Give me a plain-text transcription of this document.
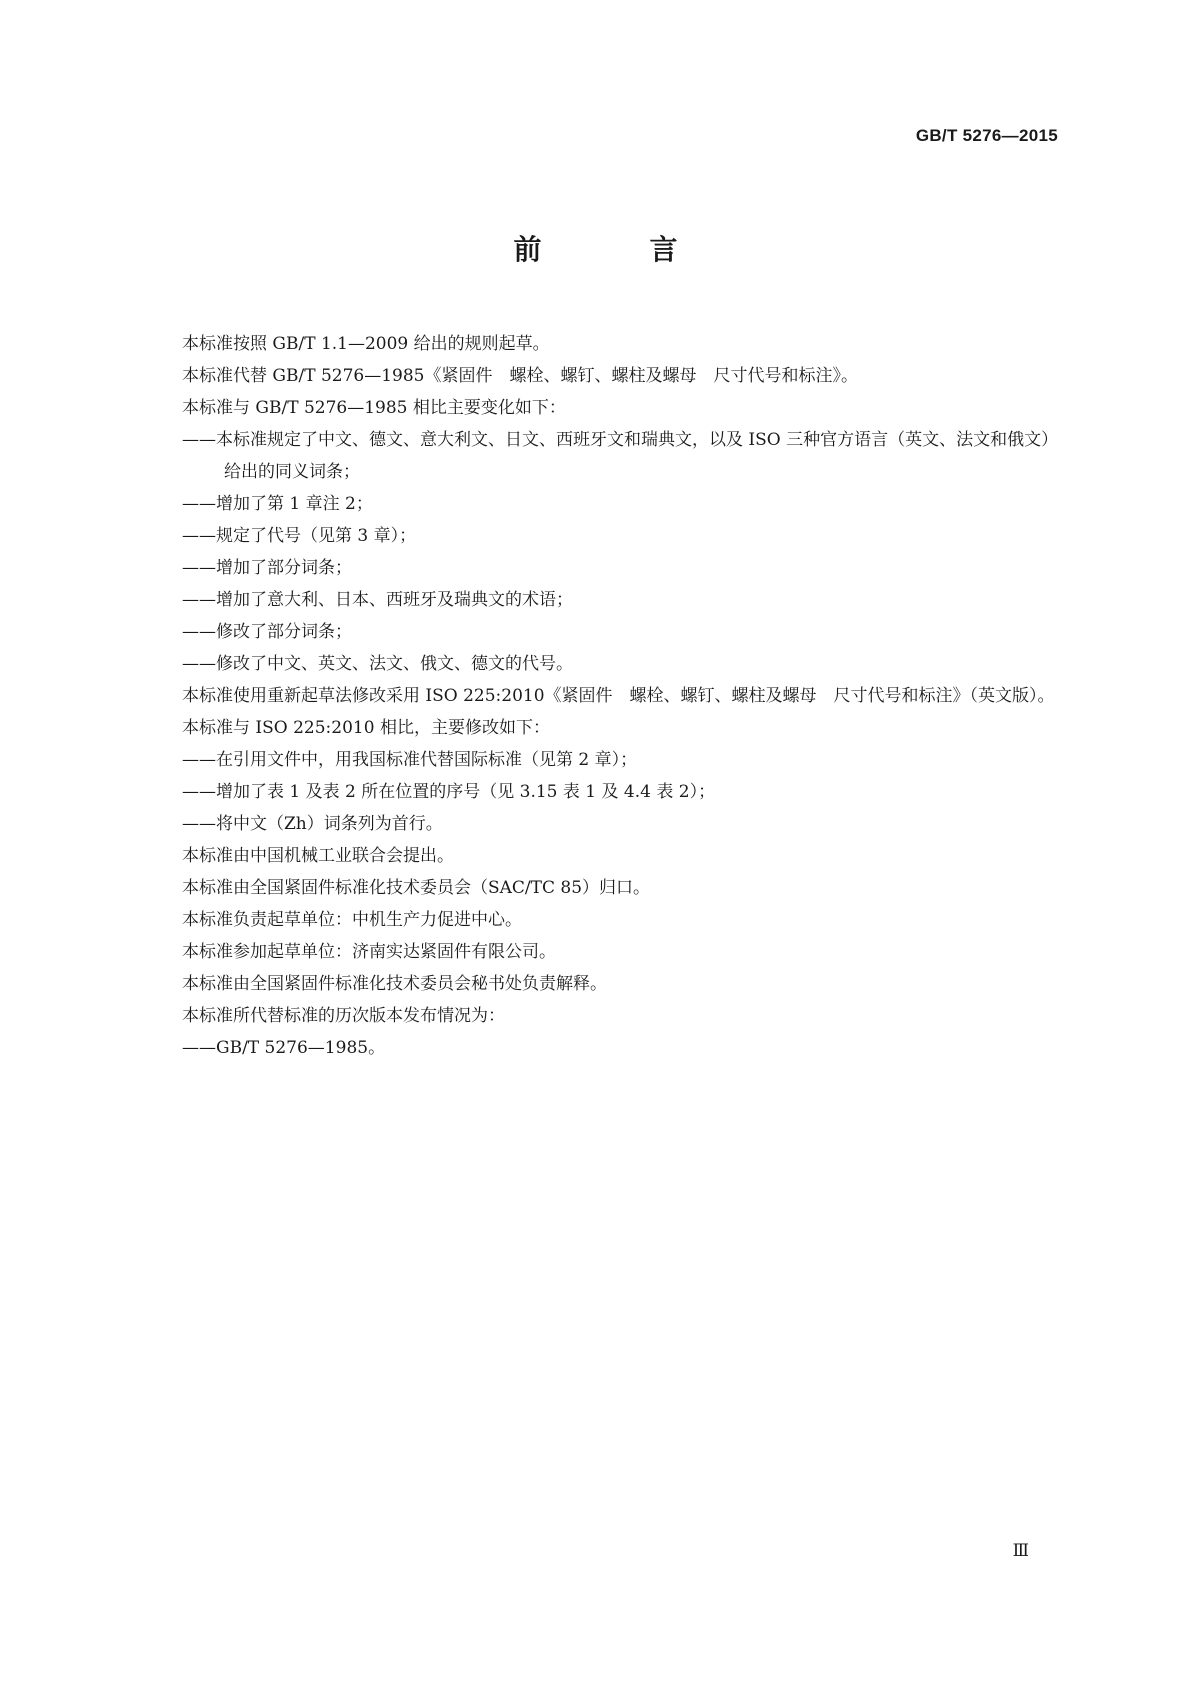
GB/T 5276—2015
前　言

本标准按照 GB/T 1.1—2009 给出的规则起草。

本标准代替 GB/T 5276—1985《紧固件　螺栓、螺钉、螺柱及螺母　尺寸代号和标注》。

本标准与 GB/T 5276—1985 相比主要变化如下：

——本标准规定了中文、德文、意大利文、日文、西班牙文和瑞典文，以及 ISO 三种官方语言（英文、法文和俄文）给出的同义词条；

——增加了第 1 章注 2；

——规定了代号（见第 3 章）；

——增加了部分词条；

——增加了意大利、日本、西班牙及瑞典文的术语；

——修改了部分词条；

——修改了中文、英文、法文、俄文、德文的代号。

本标准使用重新起草法修改采用 ISO 225:2010《紧固件　螺栓、螺钉、螺柱及螺母　尺寸代号和标注》（英文版）。

本标准与 ISO 225:2010 相比，主要修改如下：

——在引用文件中，用我国标准代替国际标准（见第 2 章）；

——增加了表 1 及表 2 所在位置的序号（见 3.15 表 1 及 4.4 表 2）；

——将中文（Zh）词条列为首行。

本标准由中国机械工业联合会提出。

本标准由全国紧固件标准化技术委员会（SAC/TC 85）归口。

本标准负责起草单位：中机生产力促进中心。

本标准参加起草单位：济南实达紧固件有限公司。

本标准由全国紧固件标准化技术委员会秘书处负责解释。

本标准所代替标准的历次版本发布情况为：

——GB/T 5276—1985。

Ⅲ
